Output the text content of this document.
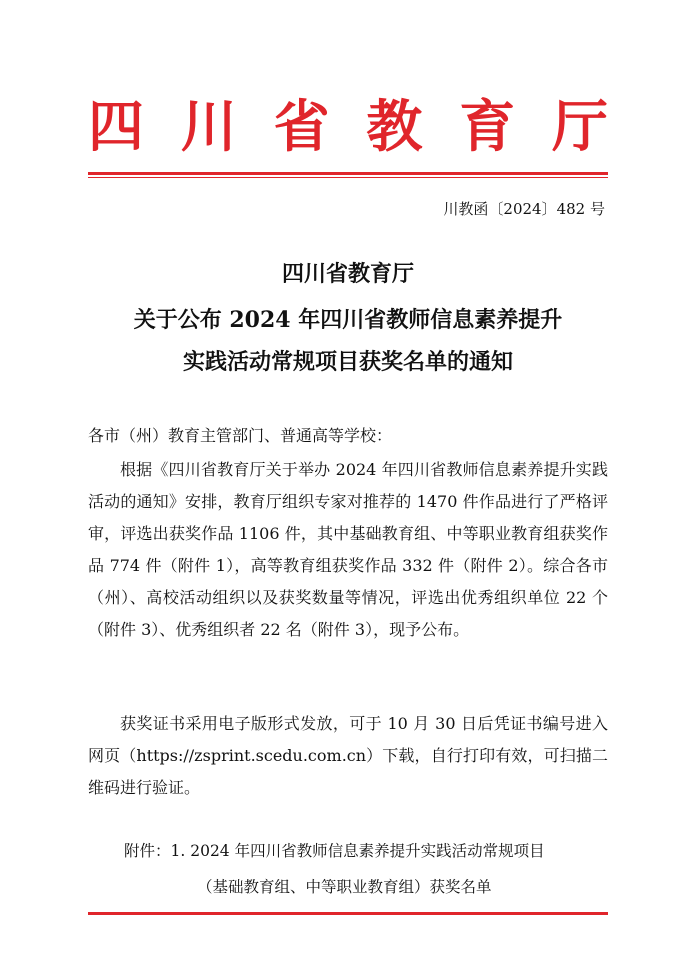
四 川 省 教 育 厅
川教函〔2024〕482 号
四川省教育厅
关于公布 2024 年四川省教师信息素养提升
实践活动常规项目获奖名单的通知
各市（州）教育主管部门、普通高等学校：

根据《四川省教育厅关于举办 2024 年四川省教师信息素养提升实践活动的通知》安排，教育厅组织专家对推荐的 1470 件作品进行了严格评审，评选出获奖作品 1106 件，其中基础教育组、中等职业教育组获奖作品 774 件（附件 1），高等教育组获奖作品 332 件（附件 2）。综合各市（州）、高校活动组织以及获奖数量等情况，评选出优秀组织单位 22 个（附件 3）、优秀组织者 22 名（附件 3），现予公布。

获奖证书采用电子版形式发放，可于 10 月 30 日后凭证书编号进入网页（https://zsprint.scedu.com.cn）下载，自行打印有效，可扫描二维码进行验证。

附件：1. 2024 年四川省教师信息素养提升实践活动常规项目
（基础教育组、中等职业教育组）获奖名单
